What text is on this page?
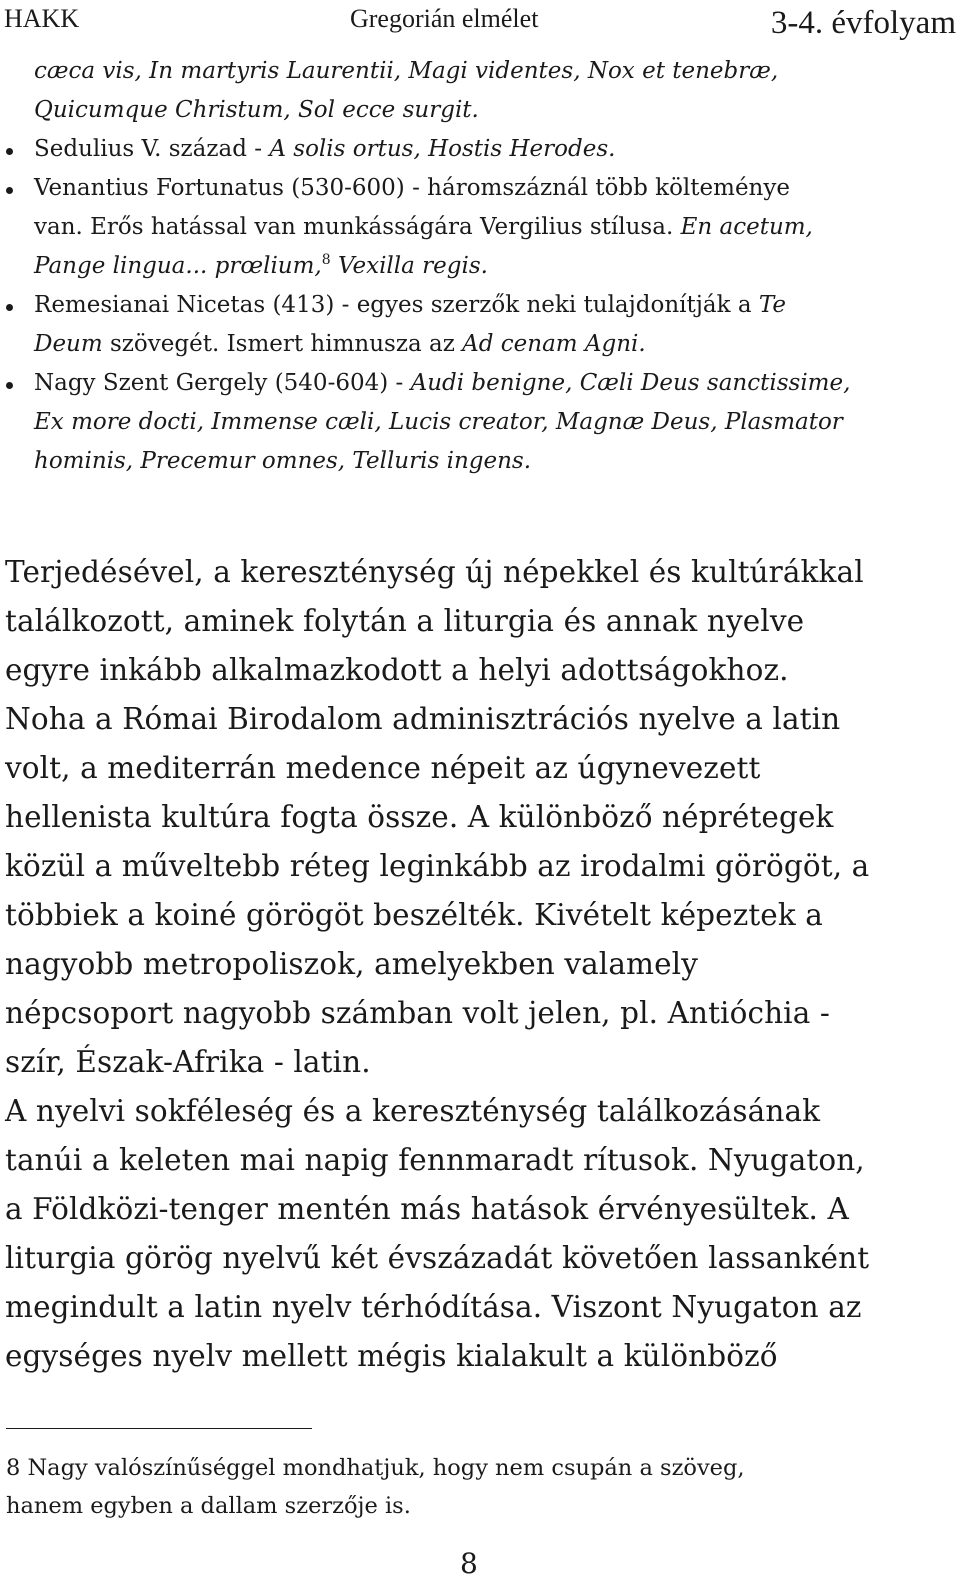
HAKK	Gregorián elmélet	3-4. évfolyam
cæca vis, In martyris Laurentii, Magi videntes, Nox et tenebræ,
Quicumque Christum, Sol ecce surgit.
Sedulius V. század - A solis ortus, Hostis Herodes.
Venantius Fortunatus (530-600) - háromszáznál több költeménye
van. Erős hatással van munkásságára Vergilius stílusa. En acetum,
Pange lingua... prœlium,$^8$ Vexilla regis.
Remesianai Nicetas (413) - egyes szerzők neki tulajdonítják a Te
Deum szövegét. Ismert himnusza az Ad cenam Agni.
Nagy Szent Gergely (540-604) - Audi benigne, Cæli Deus sanctissime,
Ex more docti, Immense cæli, Lucis creator, Magnæ Deus, Plasmator
hominis, Precemur omnes, Telluris ingens.
Terjedésével, a kereszténység új népekkel és kultúrákkal
találkozott, aminek folytán a liturgia és annak nyelve
egyre inkább alkalmazkodott a helyi adottságokhoz.
Noha a Római Birodalom adminisztrációs nyelve a latin
volt, a mediterrán medence népeit az úgynevezett
hellenista kultúra fogta össze. A különböző néprétegek
közül a műveltebb réteg leginkább az irodalmi görögöt, a
többiek a koiné görögöt beszélték. Kivételt képeztek a
nagyobb metropoliszok, amelyekben valamely
népcsoport nagyobb számban volt jelen, pl. Antióchia -
szír, Észak-Afrika - latin.
A nyelvi sokféleség és a kereszténység találkozásának
tanúi a keleten mai napig fennmaradt rítusok. Nyugaton,
a Földközi-tenger mentén más hatások érvényesültek. A
liturgia görög nyelvű két évszázadát követően lassanként
megindult a latin nyelv térhódítása. Viszont Nyugaton az
egységes nyelv mellett mégis kialakult a különböző
8 Nagy valószínűséggel mondhatjuk, hogy nem csupán a szöveg,
hanem egyben a dallam szerzője is.
8
